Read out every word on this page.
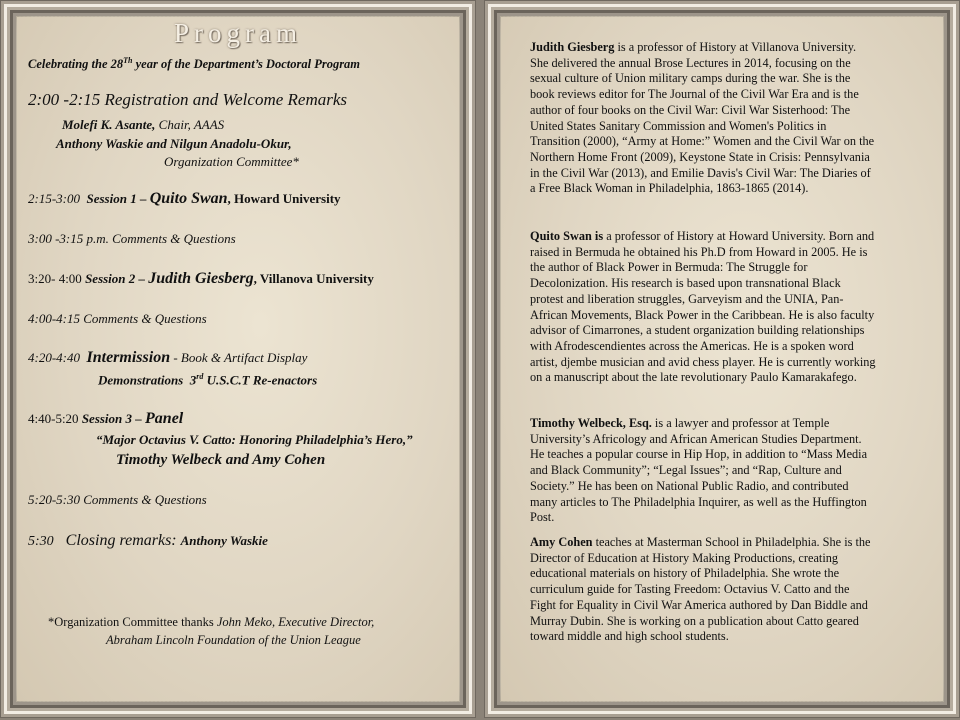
Program
Celebrating the 28Th year of the Department’s Doctoral Program
2:00 -2:15 Registration and Welcome Remarks
Molefi K. Asante, Chair, AAAS
Anthony Waskie and Nilgun Anadolu-Okur,
Organization Committee*
2:15-3:00 Session 1 – Quito Swan, Howard University
3:00 -3:15 p.m. Comments & Questions
3:20- 4:00 Session 2 – Judith Giesberg, Villanova University
4:00-4:15 Comments & Questions
4:20-4:40 Intermission - Book & Artifact Display
Demonstrations 3rd U.S.C.T Re-enactors
4:40-5:20 Session 3 – Panel
“Major Octavius V. Catto: Honoring Philadelphia’s Hero,”
Timothy Welbeck and Amy Cohen
5:20-5:30 Comments & Questions
5:30 Closing remarks: Anthony Waskie
*Organization Committee thanks John Meko, Executive Director,
Abraham Lincoln Foundation of the Union League
Judith Giesberg is a professor of History at Villanova University. She delivered the annual Brose Lectures in 2014, focusing on the sexual culture of Union military camps during the war. She is the book reviews editor for The Journal of the Civil War Era and is the author of four books on the Civil War: Civil War Sisterhood: The United States Sanitary Commission and Women's Politics in Transition (2000), “Army at Home:” Women and the Civil War on the Northern Home Front (2009), Keystone State in Crisis: Pennsylvania in the Civil War (2013), and Emilie Davis's Civil War: The Diaries of a Free Black Woman in Philadelphia, 1863-1865 (2014).
Quito Swan is a professor of History at Howard University. Born and raised in Bermuda he obtained his Ph.D from Howard in 2005. He is the author of Black Power in Bermuda: The Struggle for Decolonization. His research is based upon transnational Black protest and liberation struggles, Garveyism and the UNIA, Pan-African Movements, Black Power in the Caribbean. He is also faculty advisor of Cimarrones, a student organization building relationships with Afrodescendientes across the Americas. He is a spoken word artist, djembe musician and avid chess player. He is currently working on a manuscript about the late revolutionary Paulo Kamarakafego.
Timothy Welbeck, Esq. is a lawyer and professor at Temple University’s Africology and African American Studies Department. He teaches a popular course in Hip Hop, in addition to “Mass Media and Black Community”; “Legal Issues”; and “Rap, Culture and Society.” He has been on National Public Radio, and contributed many articles to The Philadelphia Inquirer, as well as the Huffington Post.
Amy Cohen teaches at Masterman School in Philadelphia. She is the Director of Education at History Making Productions, creating educational materials on history of Philadelphia. She wrote the curriculum guide for Tasting Freedom: Octavius V. Catto and the Fight for Equality in Civil War America authored by Dan Biddle and Murray Dubin. She is working on a publication about Catto geared toward middle and high school students.
